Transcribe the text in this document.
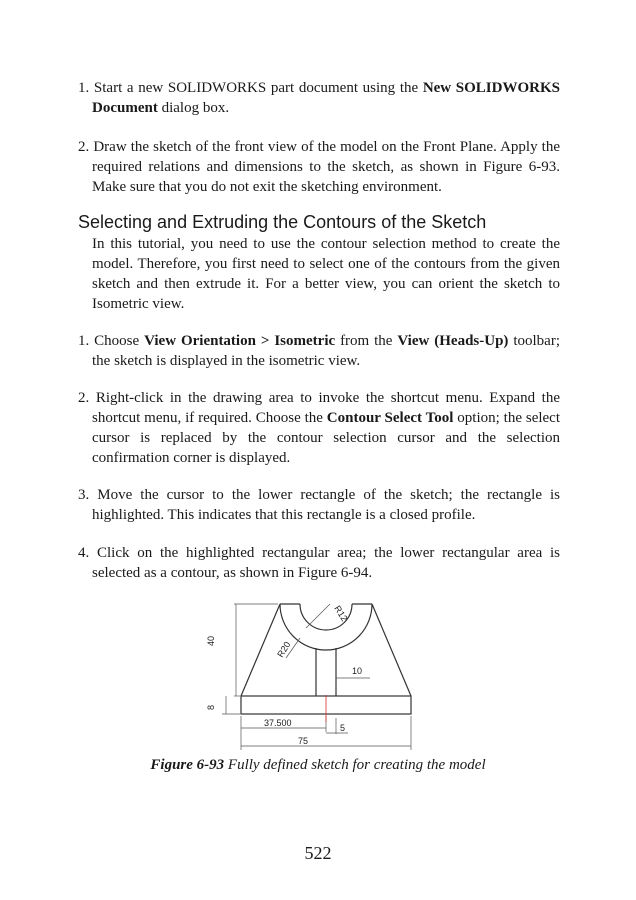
1. Start a new SOLIDWORKS part document using the New SOLIDWORKS Document dialog box.

2. Draw the sketch of the front view of the model on the Front Plane. Apply the required relations and dimensions to the sketch, as shown in Figure 6-93. Make sure that you do not exit the sketching environment.

Selecting and Extruding the Contours of the Sketch
In this tutorial, you need to use the contour selection method to create the model. Therefore, you first need to select one of the contours from the given sketch and then extrude it. For a better view, you can orient the sketch to Isometric view.

1. Choose View Orientation > Isometric from the View (Heads-Up) toolbar; the sketch is displayed in the isometric view.

2. Right-click in the drawing area to invoke the shortcut menu. Expand the shortcut menu, if required. Choose the Contour Select Tool option; the select cursor is replaced by the contour selection cursor and the selection confirmation corner is displayed.

3. Move the cursor to the lower rectangle of the sketch; the rectangle is highlighted. This indicates that this rectangle is a closed profile.

4. Click on the highlighted rectangular area; the lower rectangular area is selected as a contour, as shown in Figure 6-94.

40
8
R12
R20
10
37.500	5
75
Figure 6-93 Fully defined sketch for creating the model
522
